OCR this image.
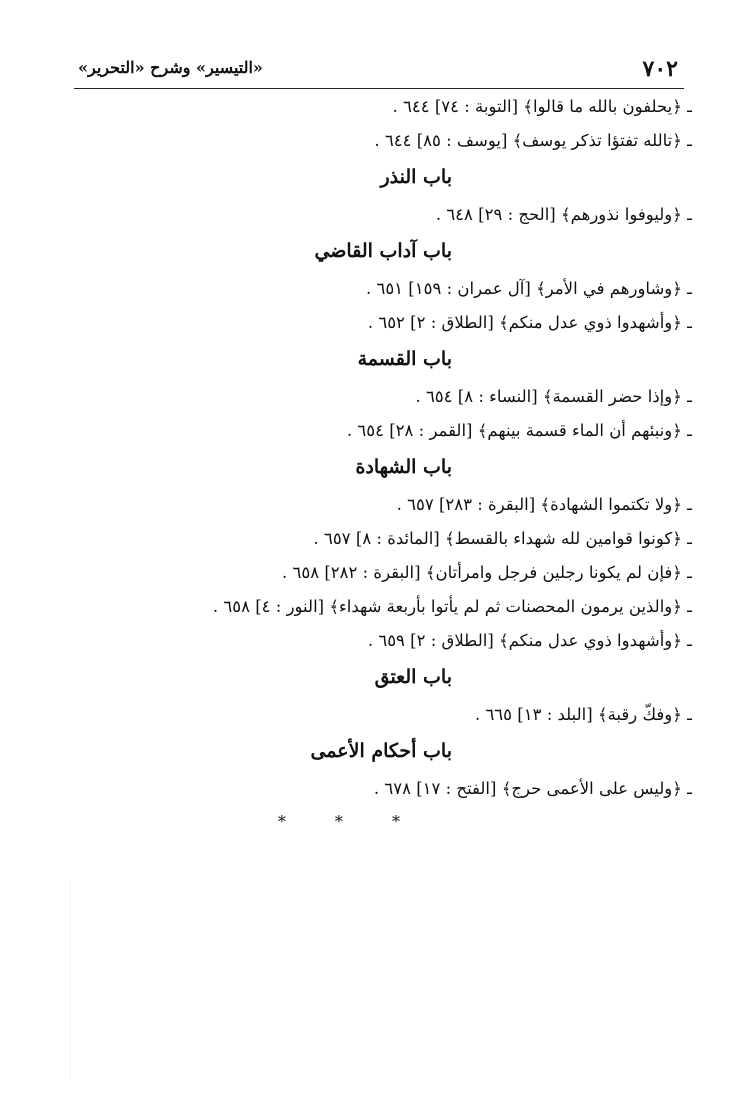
٧٠٢
«التيسير» وشرح «التحرير»
ـ ﴿يحلفون بالله ما قالوا﴾ [التوبة : ٧٤] ٦٤٤ .
ـ ﴿تالله تفتؤا تذكر يوسف﴾ [يوسف : ٨٥] ٦٤٤ .
باب النذر
ـ ﴿وليوفوا نذورهم﴾ [الحج : ٢٩] ٦٤٨ .
باب آداب القاضي
ـ ﴿وشاورهم في الأمر﴾ [آل عمران : ١٥٩] ٦٥١ .
ـ ﴿وأشهدوا ذوي عدل منكم﴾ [الطلاق : ٢] ٦٥٢ .
باب القسمة
ـ ﴿وإذا حضر القسمة﴾ [النساء : ٨] ٦٥٤ .
ـ ﴿ونبئهم أن الماء قسمة بينهم﴾ [القمر : ٢٨] ٦٥٤ .
باب الشهادة
ـ ﴿ولا تكتموا الشهادة﴾ [البقرة : ٢٨٣] ٦٥٧ .
ـ ﴿كونوا قوامين لله شهداء بالقسط﴾ [المائدة : ٨] ٦٥٧ .
ـ ﴿فإن لم يكونا رجلين فرجل وامرأتان﴾ [البقرة : ٢٨٢] ٦٥٨ .
ـ ﴿والذين يرمون المحصنات ثم لم يأتوا بأربعة شهداء﴾ [النور : ٤] ٦٥٨ .
ـ ﴿وأشهدوا ذوي عدل منكم﴾ [الطلاق : ٢] ٦٥٩ .
باب العتق
ـ ﴿وفكّ رقبة﴾ [البلد : ١٣] ٦٦٥ .
باب أحكام الأعمى
ـ ﴿وليس على الأعمى حرج﴾ [الفتح : ١٧] ٦٧٨ .
* * *
